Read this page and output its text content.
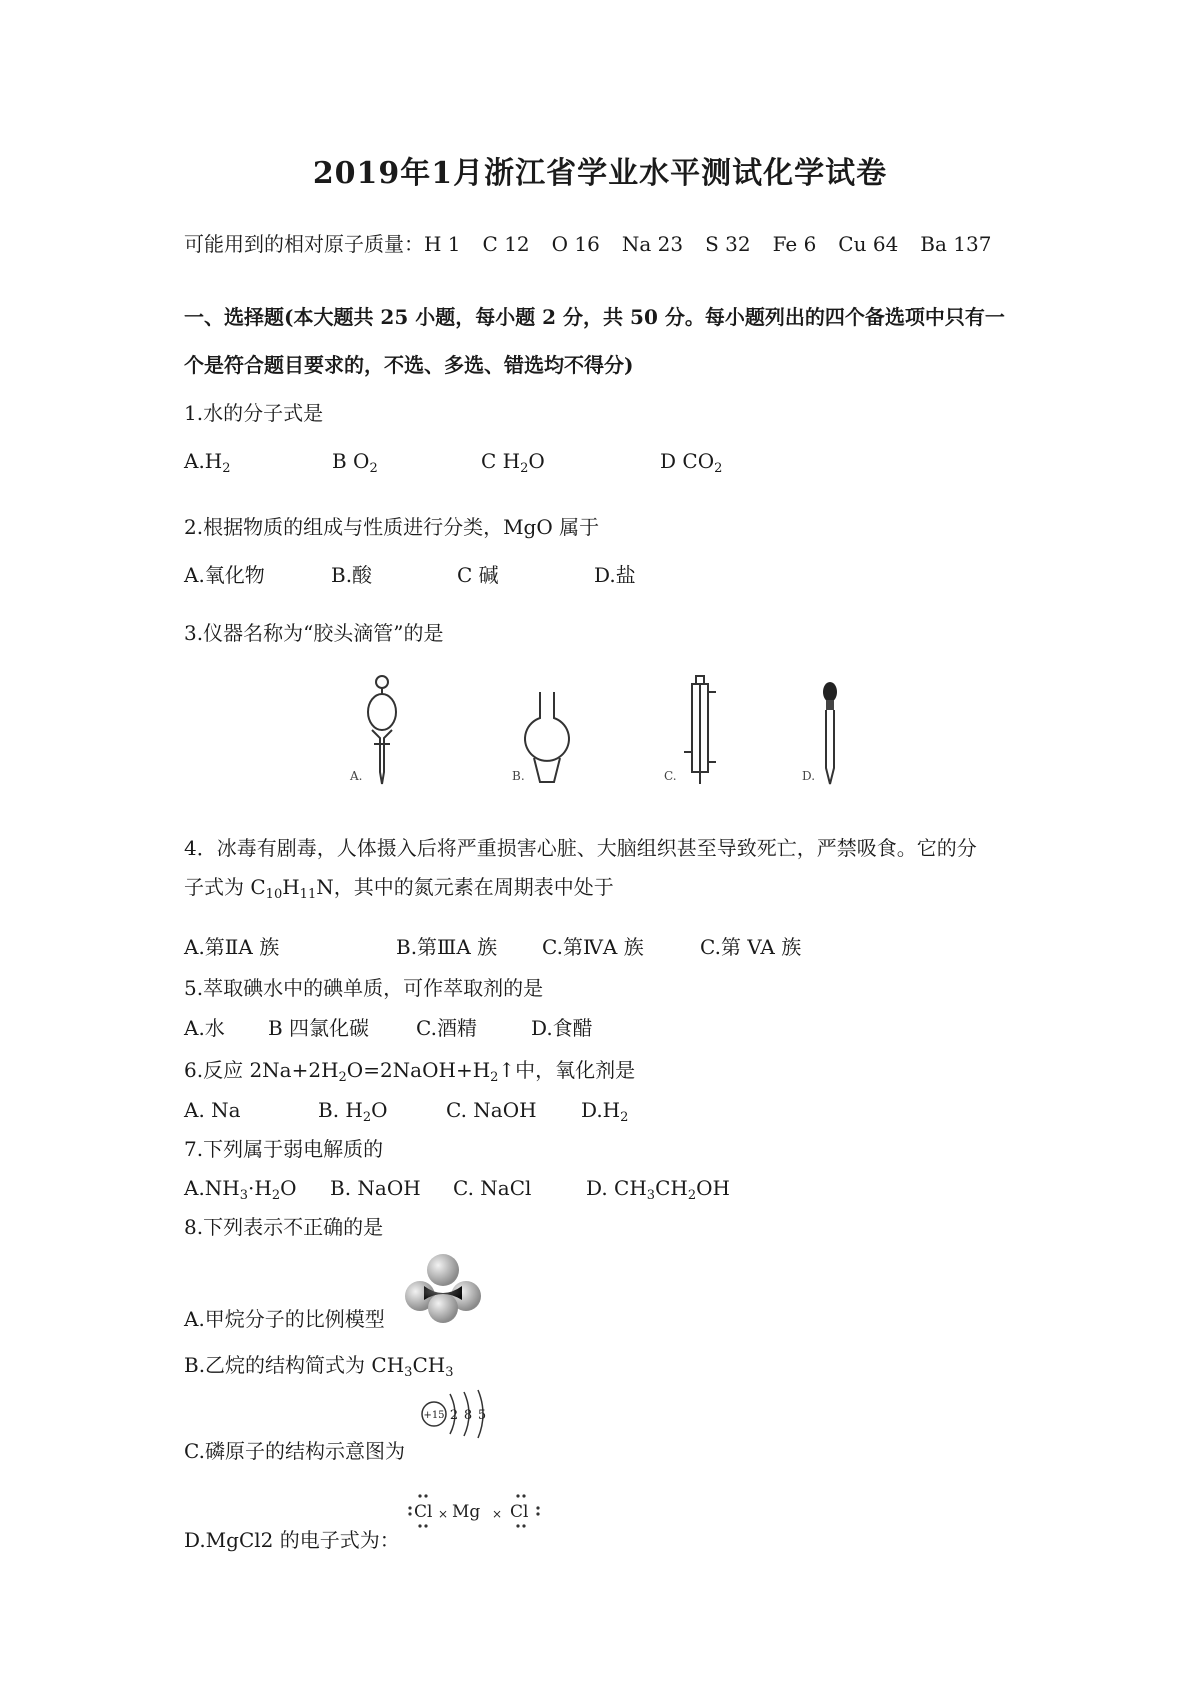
2019年1月浙江省学业水平测试化学试卷
可能用到的相对原子质量：H 1 C 12 O 16 Na 23 S 32 Fe 6 Cu 64 Ba 137
一、选择题(本大题共 25 小题，每小题 2 分，共 50 分。每小题列出的四个备选项中只有一
个是符合题目要求的，不选、多选、错选均不得分)
1.水的分子式是
$A.H_2$	B $O_2$	C $H_2O$	D $CO_2$
2.根据物质的组成与性质进行分类，MgO 属于
A.氧化物	B.酸	C 碱	D.盐
3.仪器名称为“胶头滴管”的是
A.	B.	C.	D.
4．冰毒有剧毒，人体摄入后将严重损害心脏、大脑组织甚至导致死亡，严禁吸食。它的分
子式为 $C_{10}H_{11}N$，其中的氮元素在周期表中处于
A.第ⅡA 族	B.第ⅢA 族 C.第ⅣA 族	C.第 VA 族
5.萃取碘水中的碘单质，可作萃取剂的是
A.水 B 四氯化碳 C.酒精	D.食醋
6.反应 $2Na+2H_2O=2NaOH+H_2↑$中，氧化剂是
A. Na	B. $H_2O$	C. NaOH $D.H_2$
7.下列属于弱电解质的
$A.NH_3\cdot H_2O$ B. NaOH C. NaCl	D. $CH_3CH_2OH$
8.下列表示不正确的是
A.甲烷分子的比例模型
B.乙烷的结构简式为 $CH_3CH_3$
C.磷原子的结构示意图为
+15 2 8 5
D.MgCl2 的电子式为：
Cl × Mg × Cl
